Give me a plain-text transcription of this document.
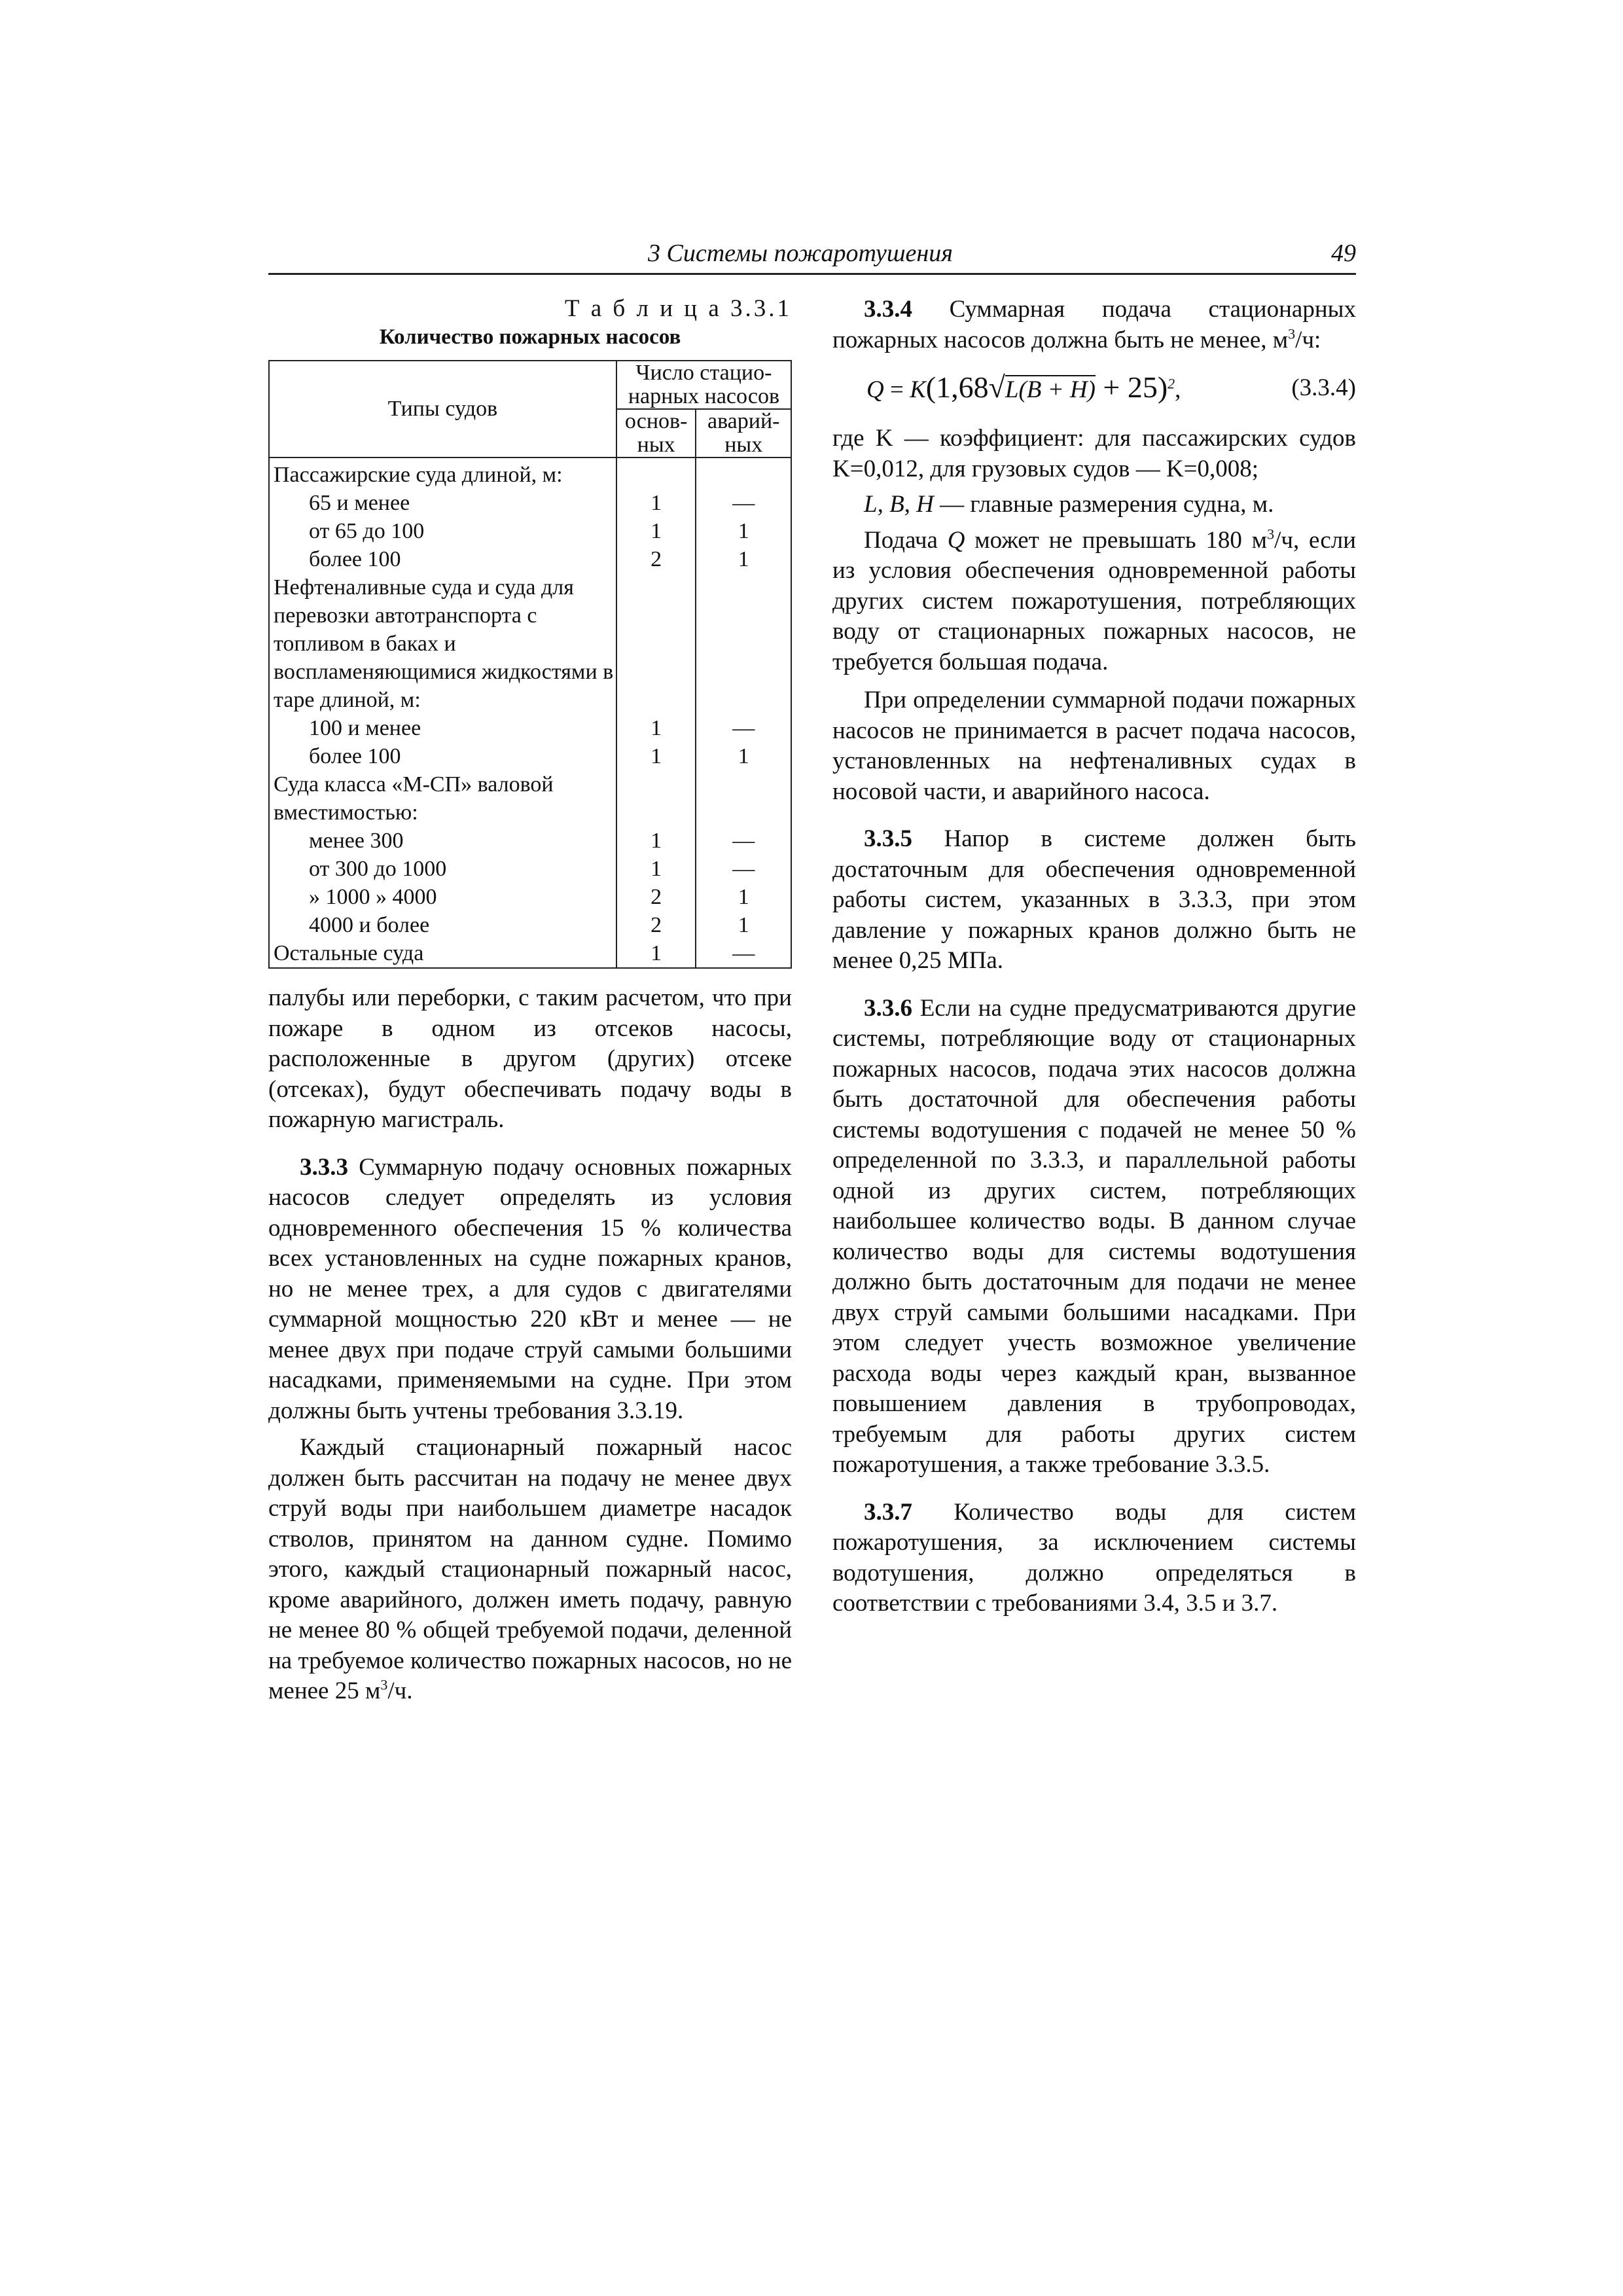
3 Системы пожаротушения	49
Т а б л и ц а 3.3.1
Количество пожарных насосов
Типы судов	Число стацио-нарных насосов	
	основ-ных	аварий-ных
Пассажирские суда длиной, м:		
65 и менее	1	—
от 65 до 100	1	1
более 100	2	1
Нефтеналивные суда и суда для перевозки автотранспорта с топливом в баках и воспламеняющимися жидкостями в таре длиной, м:		
100 и менее	1	—
более 100	1	1
Суда класса «М-СП» валовой вместимостью:		
менее 300	1	—
от 300 до 1000	1	—
» 1000 » 4000	2	1
4000 и более	2	1
Остальные суда	1	—

палубы или переборки, с таким расчетом, что при пожаре в одном из отсеков насосы, расположенные в другом (других) отсеке (отсеках), будут обеспечивать подачу воды в пожарную магистраль.

3.3.3 Суммарную подачу основных пожарных насосов следует определять из условия одновременного обеспечения 15 % количества всех установленных на судне пожарных кранов, но не менее трех, а для судов с двигателями суммарной мощностью 220 кВт и менее — не менее двух при подаче струй самыми большими насадками, применяемыми на судне. При этом должны быть учтены требования 3.3.19.

Каждый стационарный пожарный насос должен быть рассчитан на подачу не менее двух струй воды при наибольшем диаметре насадок стволов, принятом на данном судне. Помимо этого, каждый стационарный пожарный насос, кроме аварийного, должен иметь подачу, равную не менее 80 % общей требуемой подачи, деленной на требуемое количество пожарных насосов, но не менее 25 $м^3/ч$.

3.3.4 Суммарная подача стационарных пожарных насосов должна быть не менее, $м^3/ч$:

$Q = K(1,68√L(B + H) + 25)^2$,	(3.3.4)

где K — коэффициент: для пассажирских судов K=0,012, для грузовых судов — K=0,008;

L, B, H — главные размерения судна, м.

Подача Q может не превышать 180 $м^3/ч$, если из условия обеспечения одновременной работы других систем пожаротушения, потребляющих воду от стационарных пожарных насосов, не требуется большая подача.

При определении суммарной подачи пожарных насосов не принимается в расчет подача насосов, установленных на нефтеналивных судах в носовой части, и аварийного насоса.

3.3.5 Напор в системе должен быть достаточным для обеспечения одновременной работы систем, указанных в 3.3.3, при этом давление у пожарных кранов должно быть не менее 0,25 МПа.

3.3.6 Если на судне предусматриваются другие системы, потребляющие воду от стационарных пожарных насосов, подача этих насосов должна быть достаточной для обеспечения работы системы водотушения с подачей не менее 50 % определенной по 3.3.3, и параллельной работы одной из других систем, потребляющих наибольшее количество воды. В данном случае количество воды для системы водотушения должно быть достаточным для подачи не менее двух струй самыми большими насадками. При этом следует учесть возможное увеличение расхода воды через каждый кран, вызванное повышением давления в трубопроводах, требуемым для работы других систем пожаротушения, а также требование 3.3.5.

3.3.7 Количество воды для систем пожаротушения, за исключением системы водотушения, должно определяться в соответствии с требованиями 3.4, 3.5 и 3.7.
